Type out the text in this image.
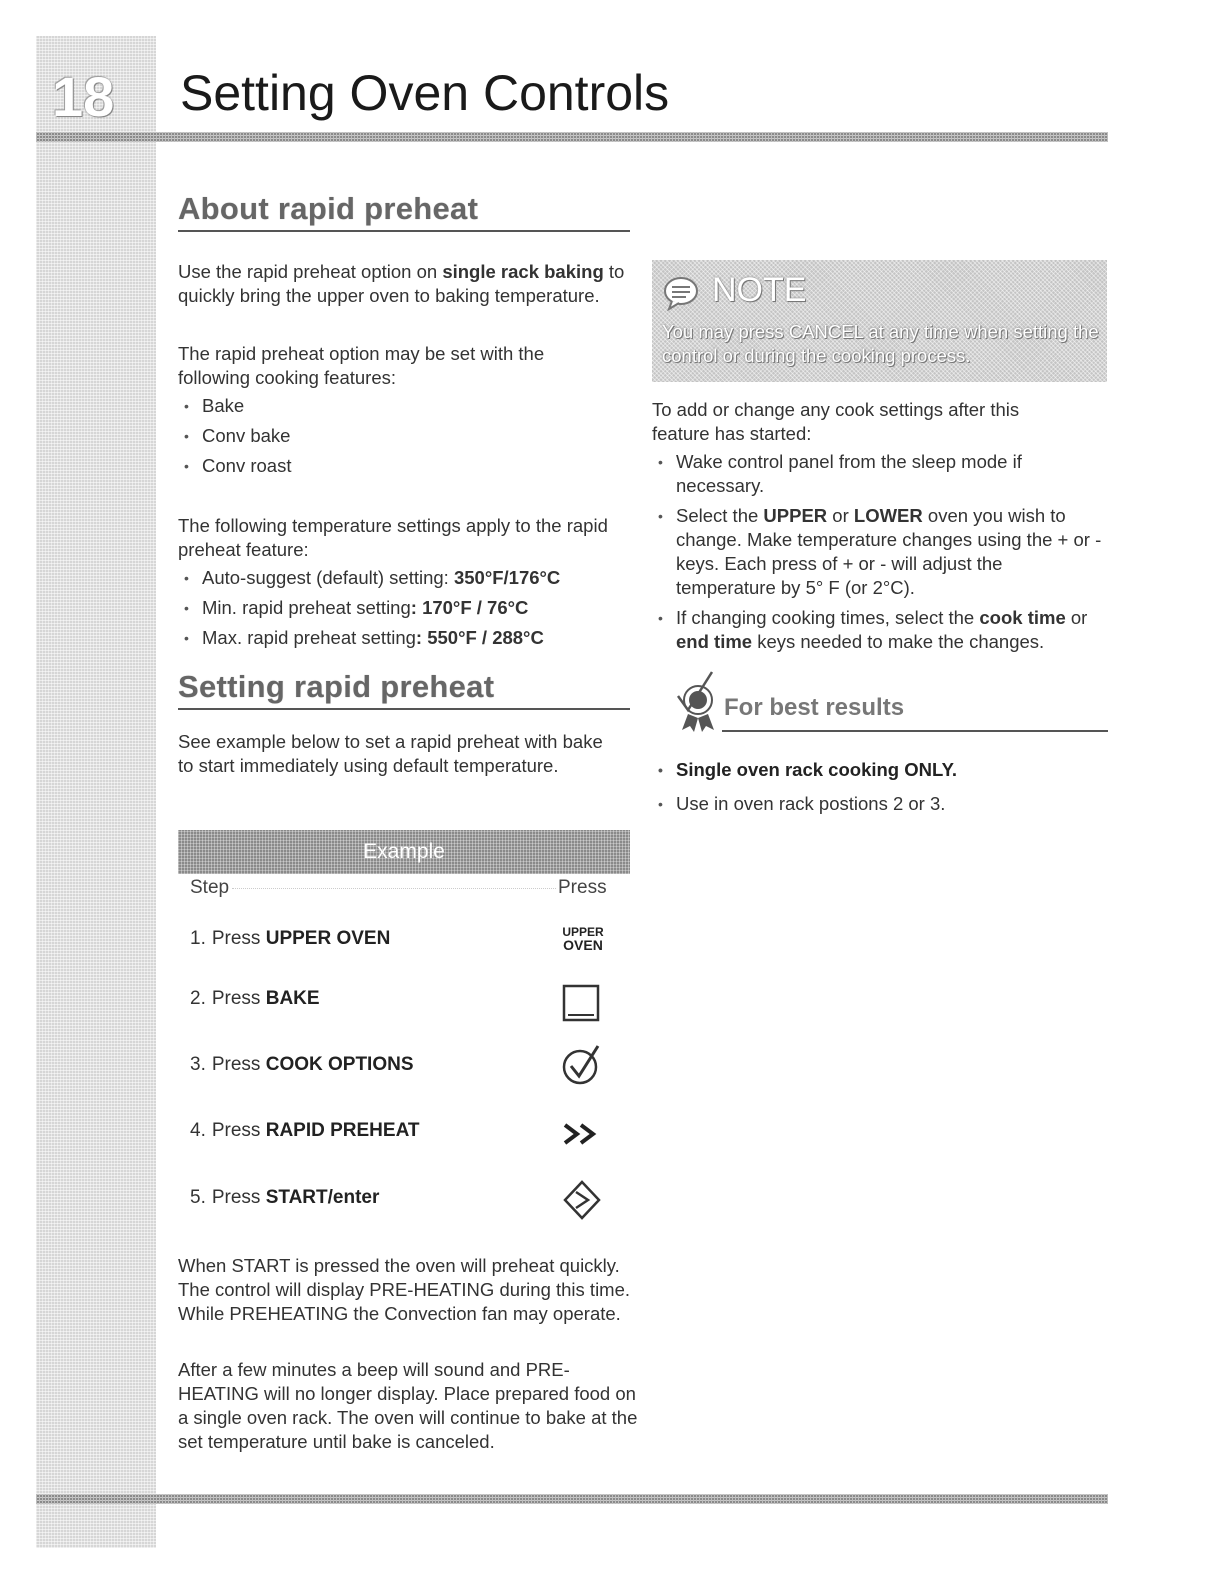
18	Setting Oven Controls
About rapid preheat

Use the rapid preheat option on single rack baking to quickly bring the upper oven to baking temperature.

The rapid preheat option may be set with the following cooking features:

• Bake
• Conv bake
• Conv roast

The following temperature settings apply to the rapid preheat feature:

• Auto-suggest (default) setting: 350°F/176°C
• Min. rapid preheat setting: 170°F / 76°C
• Max. rapid preheat setting: 550°F / 288°C
Setting rapid preheat

See example below to set a rapid preheat with bake to start immediately using default temperature.

Example
Step	Press
1. Press UPPER OVEN	UPPER
OVEN
2. Press BAKE
3. Press COOK OPTIONS
4. Press RAPID PREHEAT
5. Press START/enter

When START is pressed the oven will preheat quickly. The control will display PRE-HEATING during this time. While PREHEATING the Convection fan may operate.

After a few minutes a beep will sound and PRE-HEATING will no longer display. Place prepared food on a single oven rack. The oven will continue to bake at the set temperature until bake is canceled.

NOTE
You may press CANCEL at any time when setting the control or during the cooking process.

To add or change any cook settings after this feature has started:

• Wake control panel from the sleep mode if necessary.
• Select the UPPER or LOWER oven you wish to change. Make temperature changes using the + or - keys. Each press of + or - will adjust the temperature by 5° F (or 2°C).
• If changing cooking times, select the cook time or end time keys needed to make the changes.
For best results
• Single oven rack cooking ONLY.
• Use in oven rack postions 2 or 3.
